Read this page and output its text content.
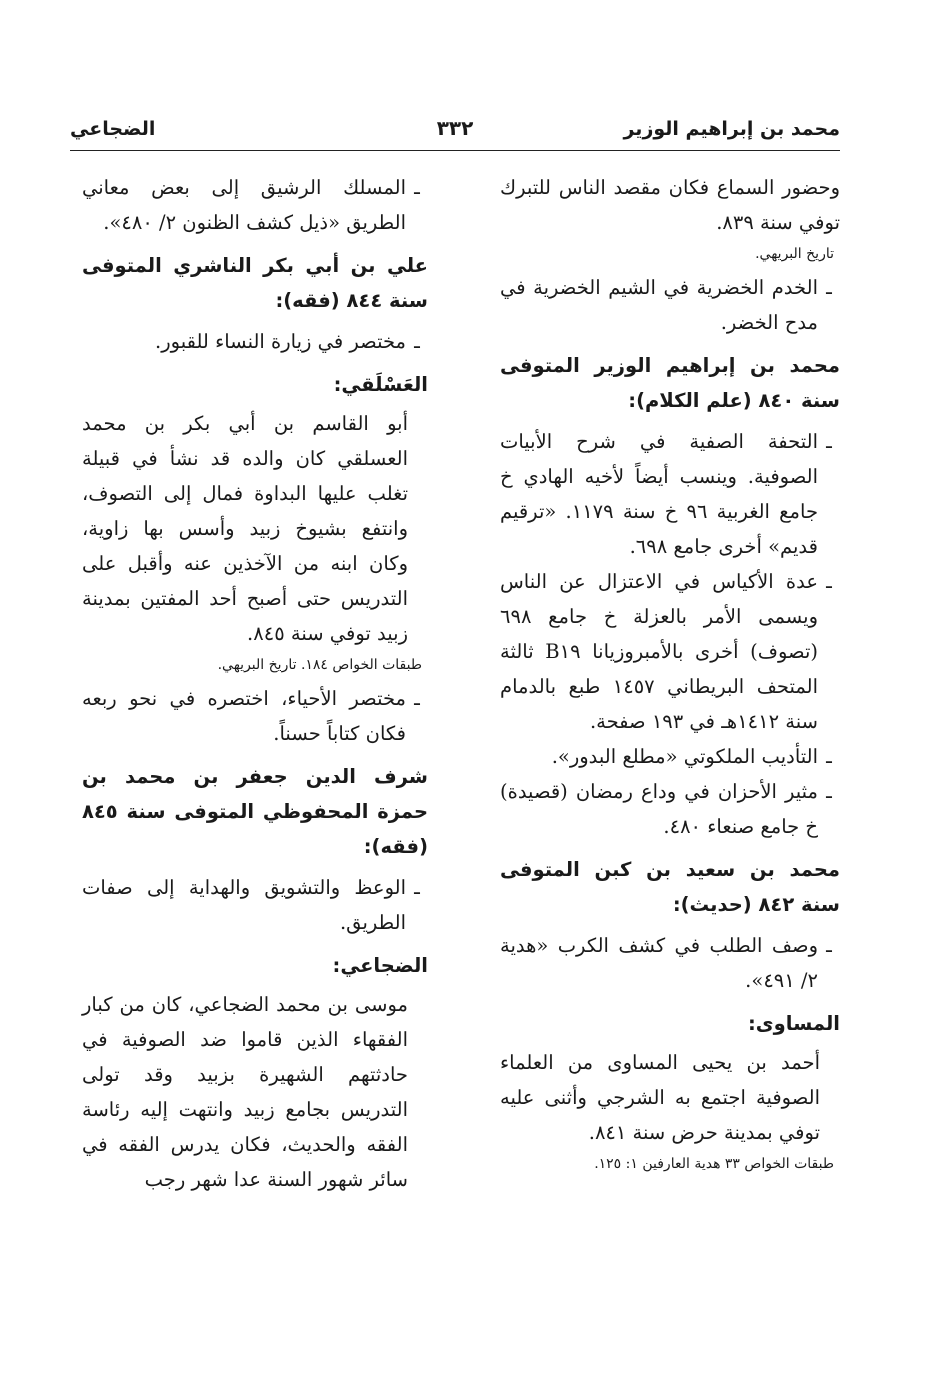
محمد بن إبراهيم الوزير
٣٣٢
الضجاعي

وحضور السماع فكان مقصد الناس للتبرك توفي سنة ٨٣٩.

تاريخ البريهي.

ـالخدم الخضرية في الشيم الخضرية في مدح الخضر.

محمد بن إبراهيم الوزير المتوفى سنة ٨٤٠ (علم الكلام):

ـالتحفة الصفية في شرح الأبيات الصوفية. وينسب أيضاً لأخيه الهادي خ جامع الغربية ٩٦ خ سنة ١١٧٩. «ترقيم قديم» أخرى جامع ٦٩٨.

ـعدة الأكياس في الاعتزال عن الناس ويسمى الأمر بالعزلة خ جامع ٦٩٨ (تصوف) أخرى بالأمبروزيانا B١٩ ثالثة المتحف البريطاني ١٤٥٧ طبع بالدمام سنة ١٤١٢هـ في ١٩٣ صفحة.

ـالتأديب الملكوتي «مطلع البدور».

ـمثير الأحزان في وداع رمضان (قصيدة) خ جامع صنعاء ٤٨٠.

محمد بن سعيد بن كبن المتوفى سنة ٨٤٢ (حديث):

ـوصف الطلب في كشف الكرب «هدية ٢/ ٤٩١».

المساوى:

أحمد بن يحيى المساوى من العلماء الصوفية اجتمع به الشرجي وأثنى عليه توفي بمدينة حرض سنة ٨٤١.

طبقات الخواص ٣٣ هدية العارفين ١: ١٢٥.

ـالمسلك الرشيق إلى بعض معاني الطريق «ذيل كشف الظنون ٢/ ٤٨٠».

علي بن أبي بكر الناشري المتوفى سنة ٨٤٤ (فقه):

ـمختصر في زيارة النساء للقبور.

العَسْلَقي:

أبو القاسم بن أبي بكر بن محمد العسلقي كان والده قد نشأ في قبيلة تغلب عليها البداوة فمال إلى التصوف، وانتفع بشيوخ زبيد وأسس بها زاوية، وكان ابنه من الآخذين عنه وأقبل على التدريس حتى أصبح أحد المفتين بمدينة زبيد توفي سنة ٨٤٥.

طبقات الخواص ١٨٤. تاريخ البريهي.

ـمختصر الأحياء، اختصره في نحو ربعه فكان كتاباً حسناً.

شرف الدين جعفر بن محمد بن حمزة المحفوظي المتوفى سنة ٨٤٥ (فقه):

ـالوعظ والتشويق والهداية إلى صفات الطريق.

الضجاعي:

موسى بن محمد الضجاعي، كان من كبار الفقهاء الذين قاموا ضد الصوفية في حادثتهم الشهيرة بزبيد وقد تولى التدريس بجامع زبيد وانتهت إليه رئاسة الفقه والحديث، فكان يدرس الفقه في سائر شهور السنة عدا شهر رجب
